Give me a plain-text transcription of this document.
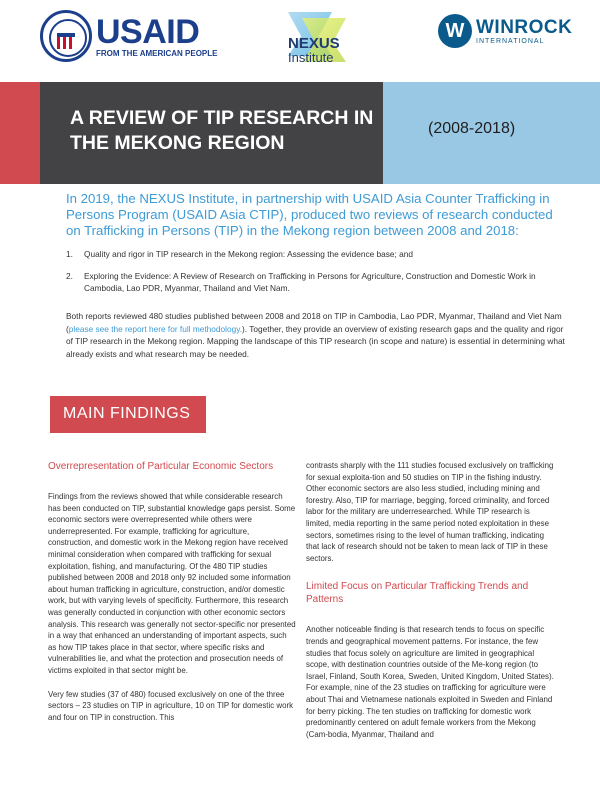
USAID
FROM THE AMERICAN PEOPLE
NEXUS
Institute
W WINROCK
INTERNATIONAL
A REVIEW OF TIP RESEARCH IN THE MEKONG REGION
(2008-2018)
In 2019, the NEXUS Institute, in partnership with USAID Asia Counter Trafficking in Persons Program (USAID Asia CTIP), produced two reviews of research conducted on Trafficking in Persons (TIP) in the Mekong region between 2008 and 2018:
1.	Quality and rigor in TIP research in the Mekong region: Assessing the evidence base; and
2.	Exploring the Evidence: A Review of Research on Trafficking in Persons for Agriculture, Construction and Domestic Work in Cambodia, Lao PDR, Myanmar, Thailand and Viet Nam.

Both reports reviewed 480 studies published between 2008 and 2018 on TIP in Cambodia, Lao PDR, Myanmar, Thailand and Viet Nam (please see the report here for full methodology.). Together, they provide an overview of existing research gaps and the quality and rigor of TIP research in the Mekong region. Mapping the landscape of this TIP research (in scope and nature) is essential in determining what already exists and what research may be needed.

MAIN FINDINGS
Overrepresentation of Particular Economic Sectors

Findings from the reviews showed that while considerable research has been conducted on TIP, substantial knowledge gaps persist. Some economic sectors were overrepresented while others were underrepresented. For example, trafficking for agriculture, construction, and domestic work in the Mekong region have received minimal consideration when compared with trafficking for sexual exploitation, fishing, and manufacturing. Of the 480 TIP studies published between 2008 and 2018 only 92 included some information about human trafficking in agriculture, construction, and/or domestic work, but with varying levels of specificity. Furthermore, this research was generally conducted in conjunction with other economic sectors analysis. This research was generally not sector-specific nor presented in a way that enhanced an understanding of important aspects, such as how TIP takes place in that sector, where specific risks and vulnerabilities lie, and what the protection and prosecution needs of victims exploited in that sector might be.

Very few studies (37 of 480) focused exclusively on one of the three sectors – 23 studies on TIP in agriculture, 10 on TIP for domestic work and four on TIP in construction. This

contrasts sharply with the 111 studies focused exclusively on trafficking for sexual exploita-tion and 50 studies on TIP in the fishing industry. Other economic sectors are also less studied, including mining and forestry. Also, TIP for marriage, begging, forced criminality, and forced labor for the military are underresearched. While TIP research is limited, media reporting in the same period noted exploitation in these sectors, sometimes rising to the level of human trafficking, indicating that lack of research should not be taken to mean lack of TIP in these sectors.

Limited Focus on Particular Trafficking Trends and Patterns

Another noticeable finding is that research tends to focus on specific trends and geographical movement patterns. For instance, the few studies that focus solely on agriculture are limited in geographical scope, with destination countries outside of the Me-kong region (to Israel, Finland, South Korea, Sweden, United Kingdom, United States). For example, nine of the 23 studies on trafficking for agriculture were about Thai and Vietnamese nationals exploited in Sweden and Finland for berry picking. The ten studies on trafficking for domestic work predominantly centered on adult female workers from the Mekong (Cam-bodia, Myanmar, Thailand and
